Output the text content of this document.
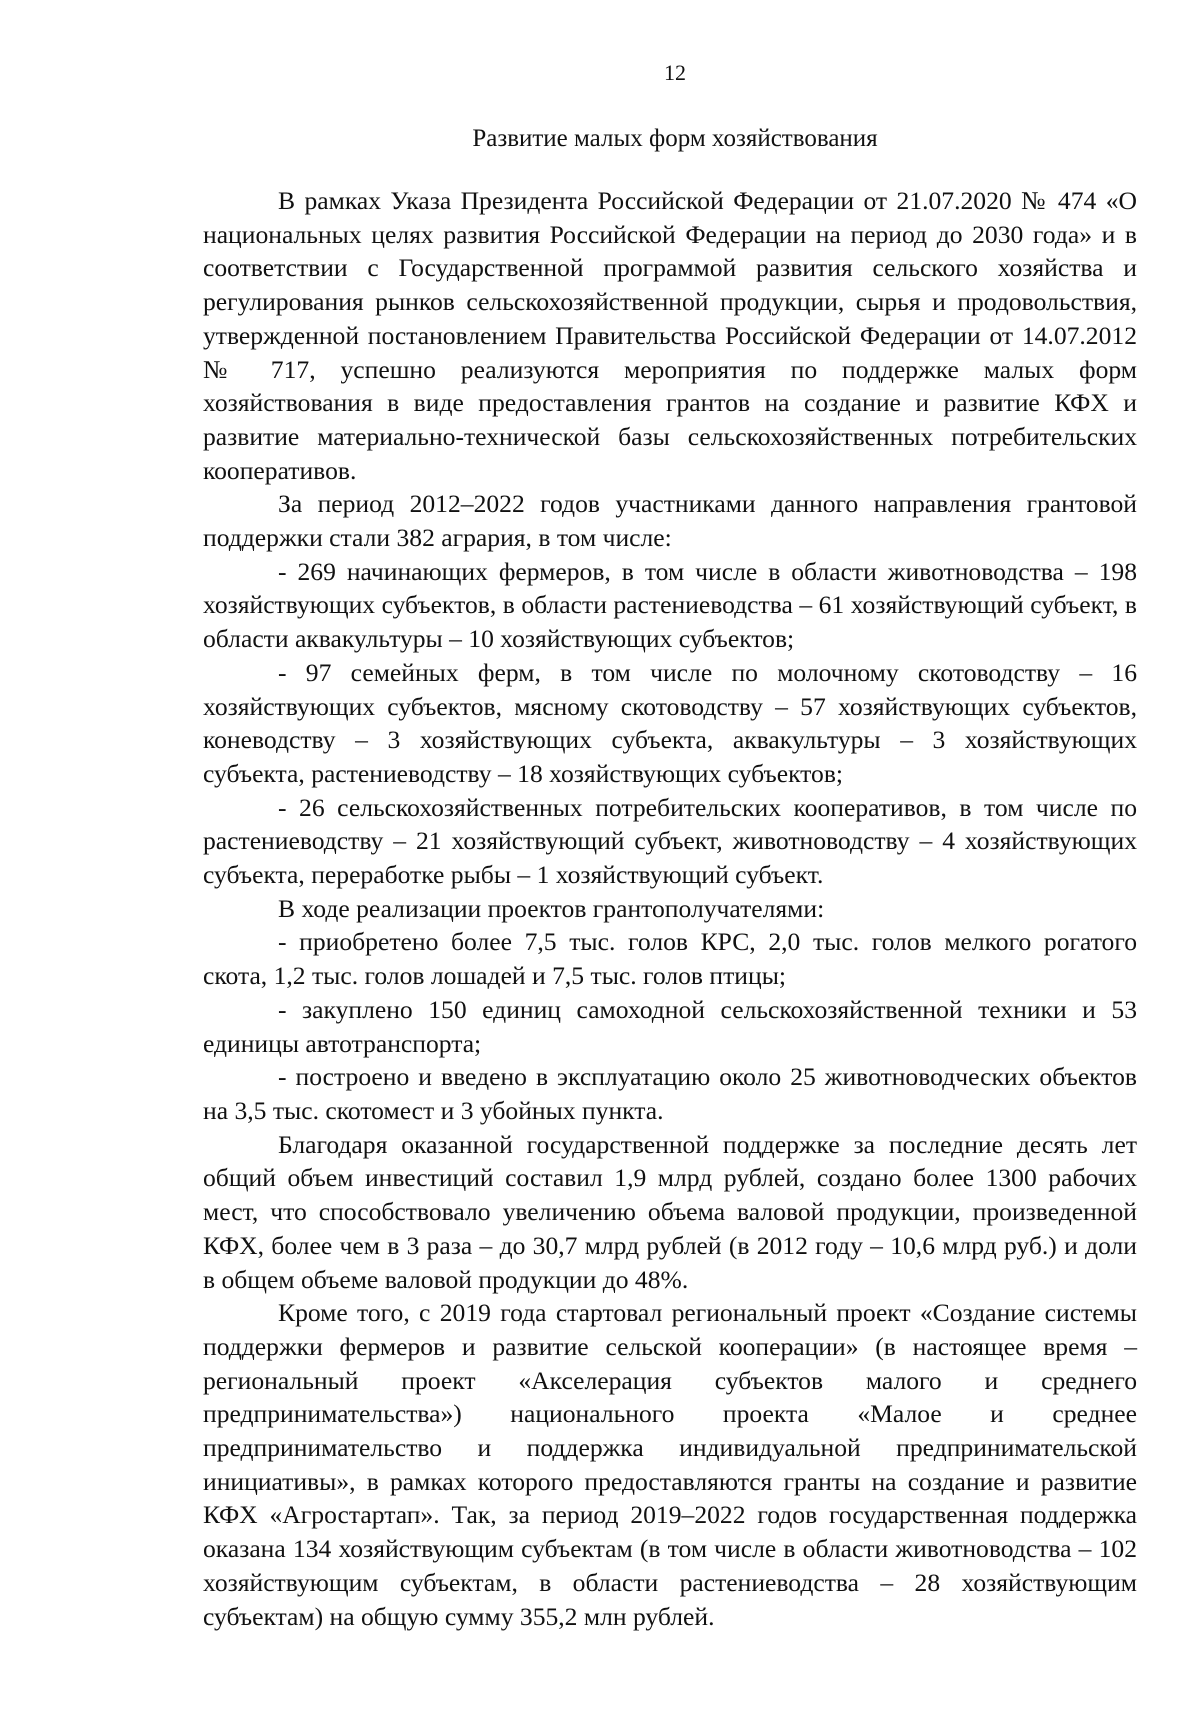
12
Развитие малых форм хозяйствования

В рамках Указа Президента Российской Федерации от 21.07.2020 № 474 «О национальных целях развития Российской Федерации на период до 2030 года» и в соответствии с Государственной программой развития сельского хозяйства и регулирования рынков сельскохозяйственной продукции, сырья и продовольствия, утвержденной постановлением Правительства Российской Федерации от 14.07.2012 № 717, успешно реализуются мероприятия по поддержке малых форм хозяйствования в виде предоставления грантов на создание и развитие КФХ и развитие материально-технической базы сельскохозяйственных потребительских кооперативов.

За период 2012–2022 годов участниками данного направления грантовой поддержки стали 382 агрария, в том числе:

- 269 начинающих фермеров, в том числе в области животноводства – 198 хозяйствующих субъектов, в области растениеводства – 61 хозяйствующий субъект, в области аквакультуры – 10 хозяйствующих субъектов;

- 97 семейных ферм, в том числе по молочному скотоводству – 16 хозяйствующих субъектов, мясному скотоводству – 57 хозяйствующих субъектов, коневодству – 3 хозяйствующих субъекта, аквакультуры – 3 хозяйствующих субъекта, растениеводству – 18 хозяйствующих субъектов;

- 26 сельскохозяйственных потребительских кооперативов, в том числе по растениеводству – 21 хозяйствующий субъект, животноводству – 4 хозяйствующих субъекта, переработке рыбы – 1 хозяйствующий субъект.

В ходе реализации проектов грантополучателями:

- приобретено более 7,5 тыс. голов КРС, 2,0 тыс. голов мелкого рогатого скота, 1,2 тыс. голов лошадей и 7,5 тыс. голов птицы;

- закуплено 150 единиц самоходной сельскохозяйственной техники и 53 единицы автотранспорта;

- построено и введено в эксплуатацию около 25 животноводческих объектов на 3,5 тыс. скотомест и 3 убойных пункта.

Благодаря оказанной государственной поддержке за последние десять лет общий объем инвестиций составил 1,9 млрд рублей, создано более 1300 рабочих мест, что способствовало увеличению объема валовой продукции, произведенной КФХ, более чем в 3 раза – до 30,7 млрд рублей (в 2012 году – 10,6 млрд руб.) и доли в общем объеме валовой продукции до 48%.

Кроме того, с 2019 года стартовал региональный проект «Создание системы поддержки фермеров и развитие сельской кооперации» (в настоящее время – региональный проект «Акселерация субъектов малого и среднего предпринимательства») национального проекта «Малое и среднее предпринимательство и поддержка индивидуальной предпринимательской инициативы», в рамках которого предоставляются гранты на создание и развитие КФХ «Агростартап». Так, за период 2019–2022 годов государственная поддержка оказана 134 хозяйствующим субъектам (в том числе в области животноводства – 102 хозяйствующим субъектам, в области растениеводства – 28 хозяйствующим субъектам) на общую сумму 355,2 млн рублей.
